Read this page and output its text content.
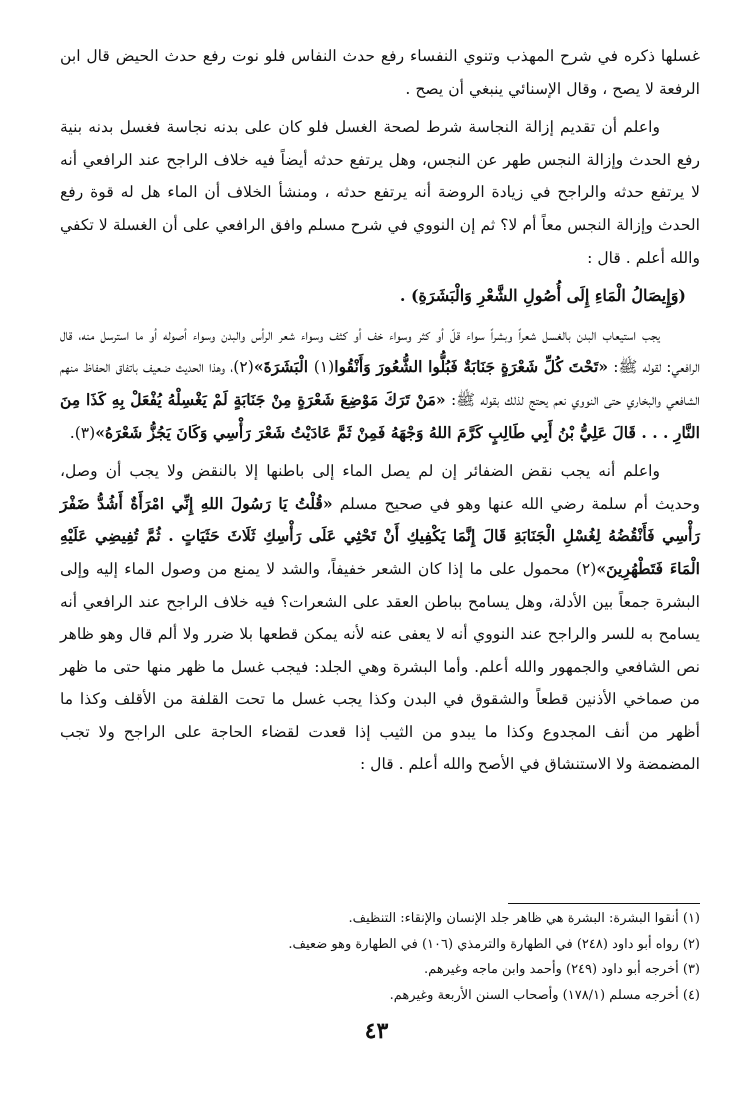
غسلها ذكره في شرح المهذب وتنوي النفساء رفع حدث النفاس فلو نوت رفع حدث الحيض قال ابن الرفعة لا يصح ، وقال الإسنائي ينبغي أن يصح .

واعلم أن تقديم إزالة النجاسة شرط لصحة الغسل فلو كان على بدنه نجاسة فغسل بدنه بنية رفع الحدث وإزالة النجس طهر عن النجس، وهل يرتفع حدثه أيضاً فيه خلاف الراجح عند الرافعي أنه لا يرتفع حدثه والراجح في زيادة الروضة أنه يرتفع حدثه ، ومنشأ الخلاف أن الماء هل له قوة رفع الحدث وإزالة النجس معاً أم لا؟ ثم إن النووي في شرح مسلم وافق الرافعي على أن الغسلة لا تكفي والله أعلم . قال :

(وَإِيصَالُ الْمَاءِ إِلَى أُصُولِ الشَّعْرِ وَالْبَشَرَةِ) .

يجب استيعاب البدن بالغسل شعراً وبشراً سواء قلّ أو كثر وسواء خف أو كثف وسواء شعر الرأس والبدن وسواء أصوله أو ما استرسل منه، قال الرافعي: لقوله ﷺ: «تَحْتَ كُلِّ شَعْرَةٍ جَنَابَةٌ فَبُلُّوا الشُّعُورَ وَأَنْقُوا(١) الْبَشَرَةَ»(٢)، وهذا الحديث ضعيف باتفاق الحفاظ منهم الشافعي والبخاري حتى النووي نعم يحتج لذلك بقوله ﷺ: «مَنْ تَرَكَ مَوْضِعَ شَعْرَةٍ مِنْ جَنَابَةٍ لَمْ يَغْسِلْهُ يُفْعَلْ بِهِ كَذَا مِنَ النَّارِ . . . قَالَ عَلِيُّ بْنُ أَبِي طَالِبٍ كَرَّمَ اللهُ وَجْهَهُ فَمِنْ ثَمَّ عَادَيْتُ شَعْرَ رَأْسِي وَكَانَ يَجُزُّ شَعْرَهُ»(٣).

واعلم أنه يجب نقض الضفائر إن لم يصل الماء إلى باطنها إلا بالنقض ولا يجب أن وصل، وحديث أم سلمة رضي الله عنها وهو في صحيح مسلم «قُلْتُ يَا رَسُولَ اللهِ إِنِّي امْرَأَةٌ أَشُدُّ ضَفْرَ رَأْسِي فَأَنْقُضُهُ لِغُسْلِ الْجَنَابَةِ قَالَ إِنَّمَا يَكْفِيكِ أَنْ تَحْثِي عَلَى رَأْسِكِ ثَلَاثَ حَثَيَاتٍ . ثُمَّ تُفِيضِي عَلَيْهِ الْمَاءَ فَتَطْهُرِينَ»(٢) محمول على ما إذا كان الشعر خفيفاً، والشد لا يمنع من وصول الماء إليه وإلى البشرة جمعاً بين الأدلة، وهل يسامح بباطن العقد على الشعرات؟ فيه خلاف الراجح عند الرافعي أنه يسامح به للسر والراجح عند النووي أنه لا يعفى عنه لأنه يمكن قطعها بلا ضرر ولا ألم قال وهو ظاهر نص الشافعي والجمهور والله أعلم. وأما البشرة وهي الجلد: فيجب غسل ما ظهر منها حتى ما ظهر من صماخي الأذنين قطعاً والشقوق في البدن وكذا يجب غسل ما تحت القلفة من الأقلف وكذا ما أظهر من أنف المجدوع وكذا ما يبدو من الثيب إذا قعدت لقضاء الحاجة على الراجح ولا تجب المضمضة ولا الاستنشاق في الأصح والله أعلم . قال :

(١) أنقوا البشرة: البشرة هي ظاهر جلد الإنسان والإنقاء: التنظيف.

(٢) رواه أبو داود (٢٤٨) في الطهارة والترمذي (١٠٦) في الطهارة وهو ضعيف.

(٣) أخرجه أبو داود (٢٤٩) وأحمد وابن ماجه وغيرهم.

(٤) أخرجه مسلم (١٧٨/١) وأصحاب السنن الأربعة وغيرهم.

٤٣
